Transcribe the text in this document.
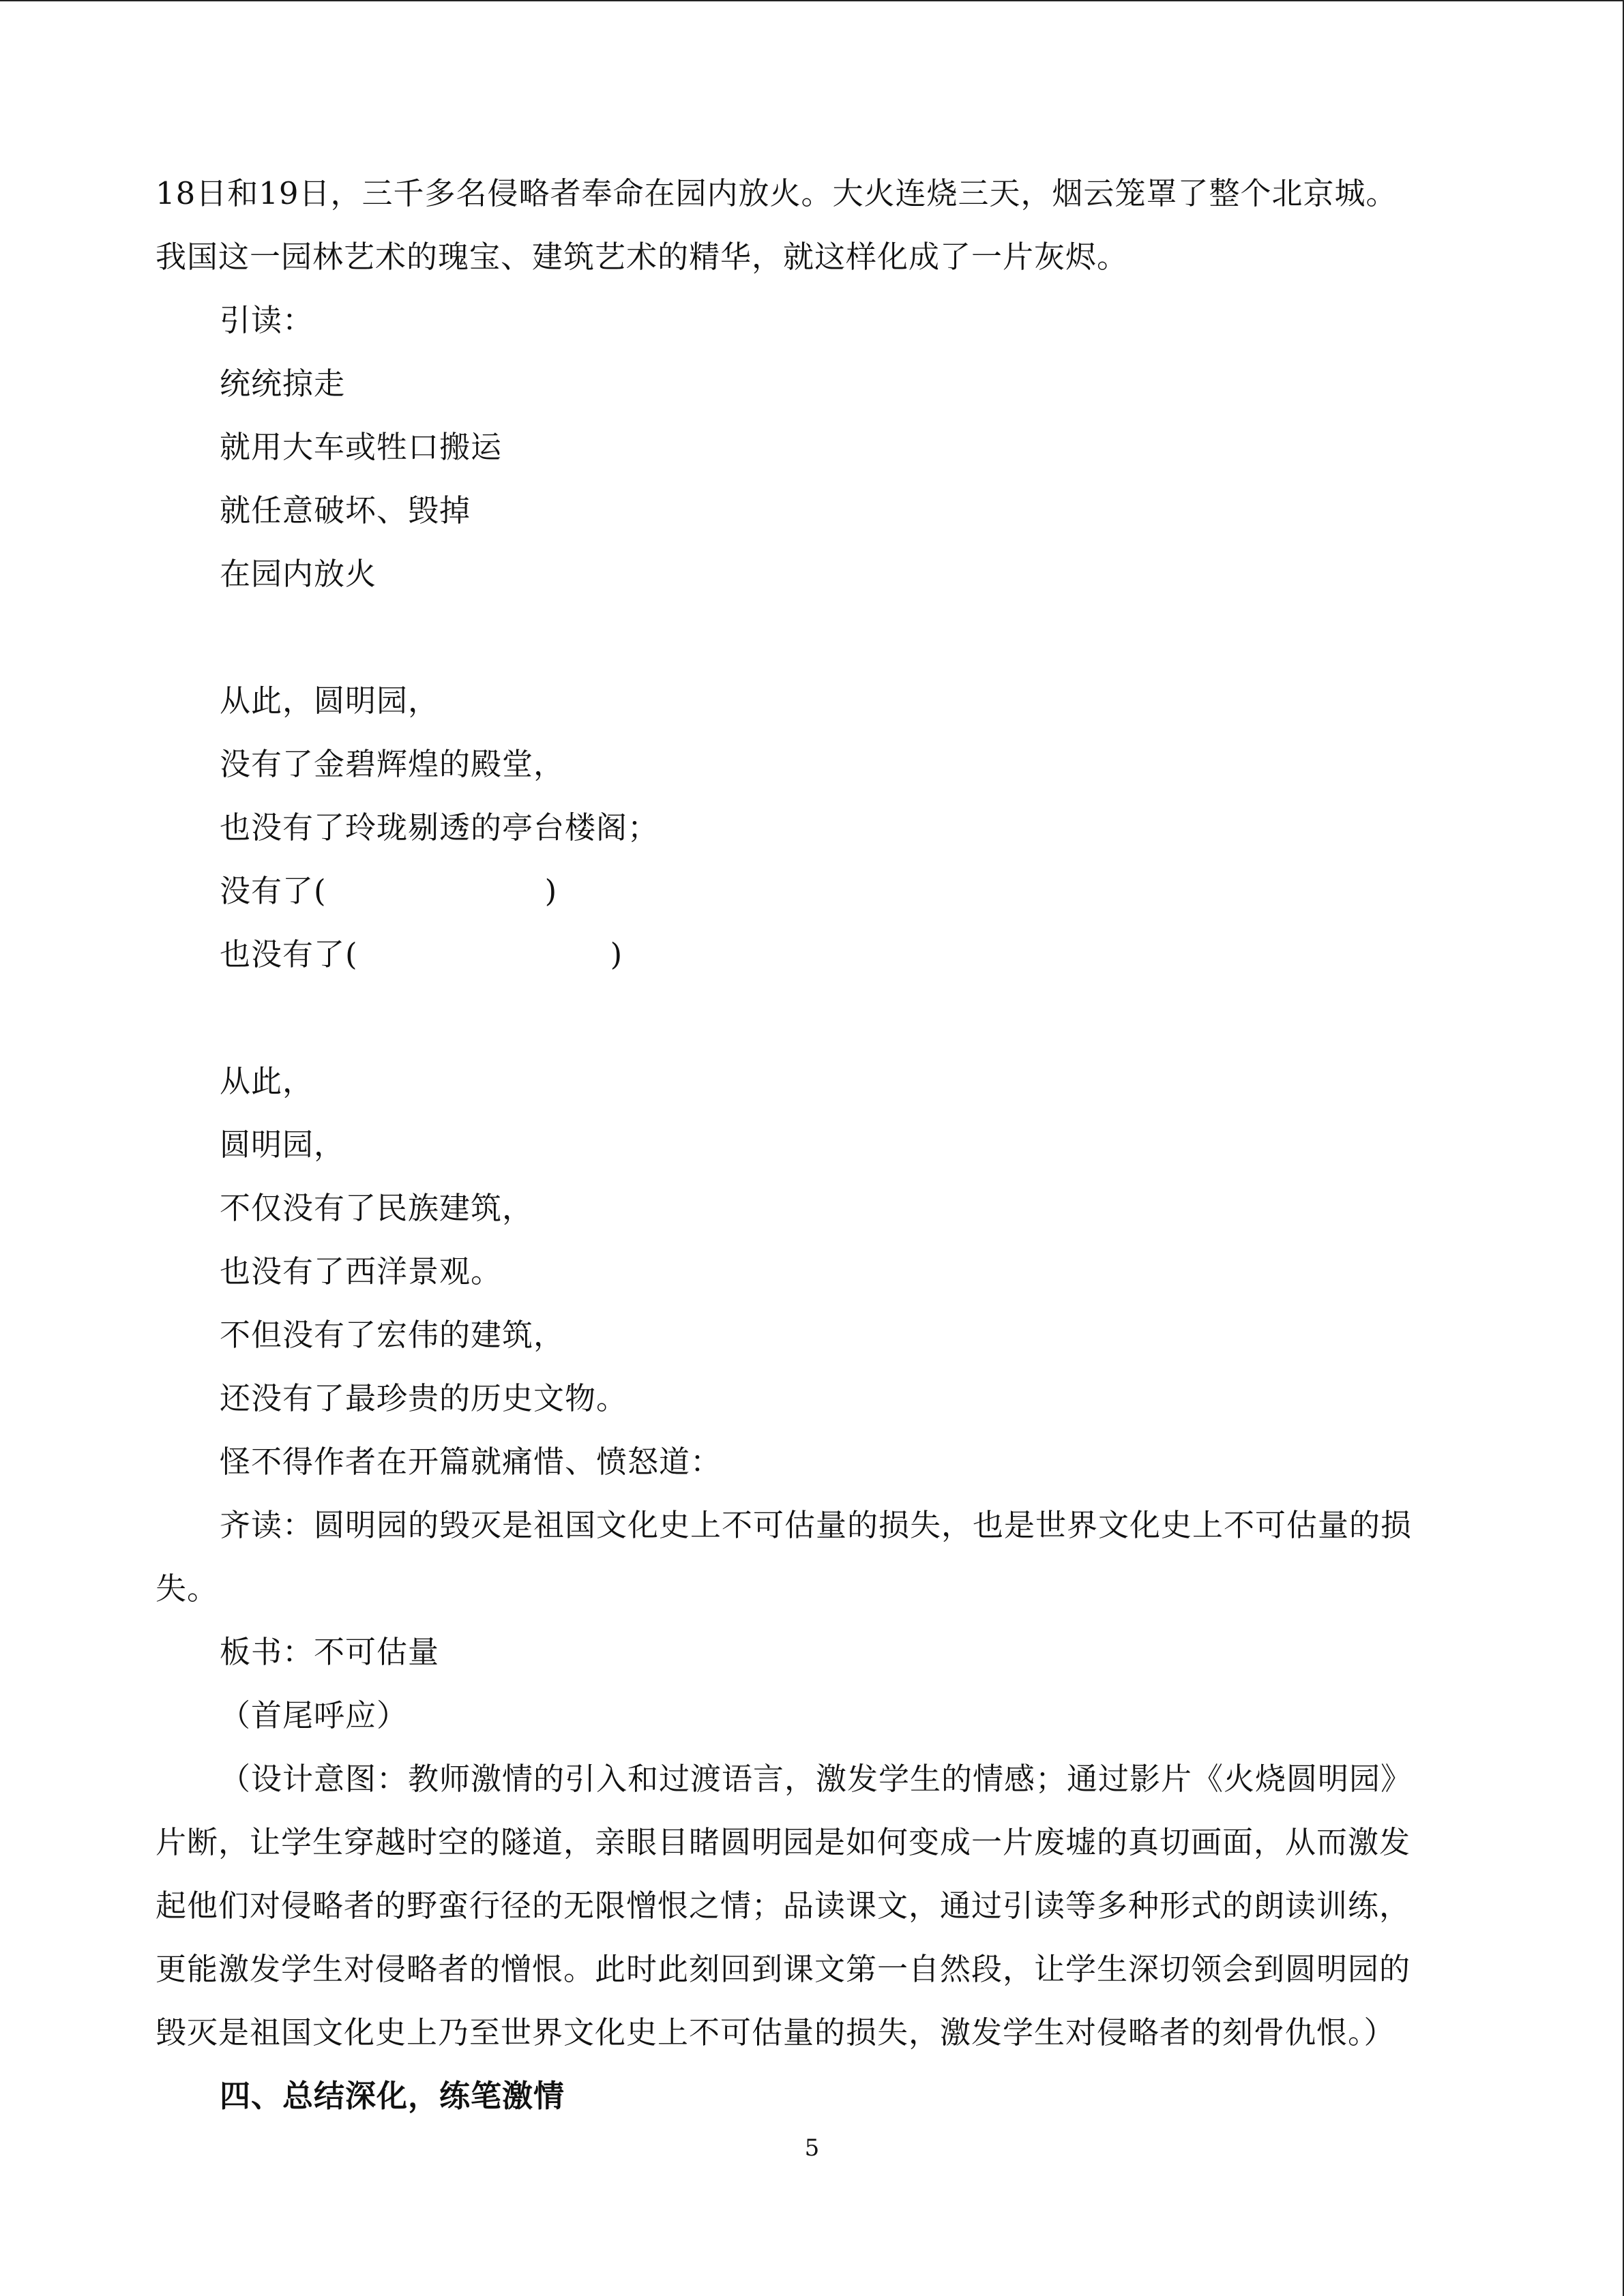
18日和19日，三千多名侵略者奉命在园内放火。大火连烧三天，烟云笼罩了整个北京城。
我国这一园林艺术的瑰宝、建筑艺术的精华，就这样化成了一片灰烬。
引读：
统统掠走
就用大车或牲口搬运
就任意破坏、毁掉
在园内放火
从此，圆明园，
没有了金碧辉煌的殿堂，
也没有了玲珑剔透的亭台楼阁；
没有了(	)
也没有了(	)
从此，
圆明园，
不仅没有了民族建筑，
也没有了西洋景观。
不但没有了宏伟的建筑，
还没有了最珍贵的历史文物。
怪不得作者在开篇就痛惜、愤怒道：
齐读：圆明园的毁灭是祖国文化史上不可估量的损失，也是世界文化史上不可估量的损
失。
板书：不可估量
（首尾呼应）
（设计意图：教师激情的引入和过渡语言，激发学生的情感；通过影片《火烧圆明园》
片断，让学生穿越时空的隧道，亲眼目睹圆明园是如何变成一片废墟的真切画面，从而激发
起他们对侵略者的野蛮行径的无限憎恨之情；品读课文，通过引读等多种形式的朗读训练，
更能激发学生对侵略者的憎恨。此时此刻回到课文第一自然段，让学生深切领会到圆明园的
毁灭是祖国文化史上乃至世界文化史上不可估量的损失，激发学生对侵略者的刻骨仇恨。）
四、总结深化，练笔激情
5
